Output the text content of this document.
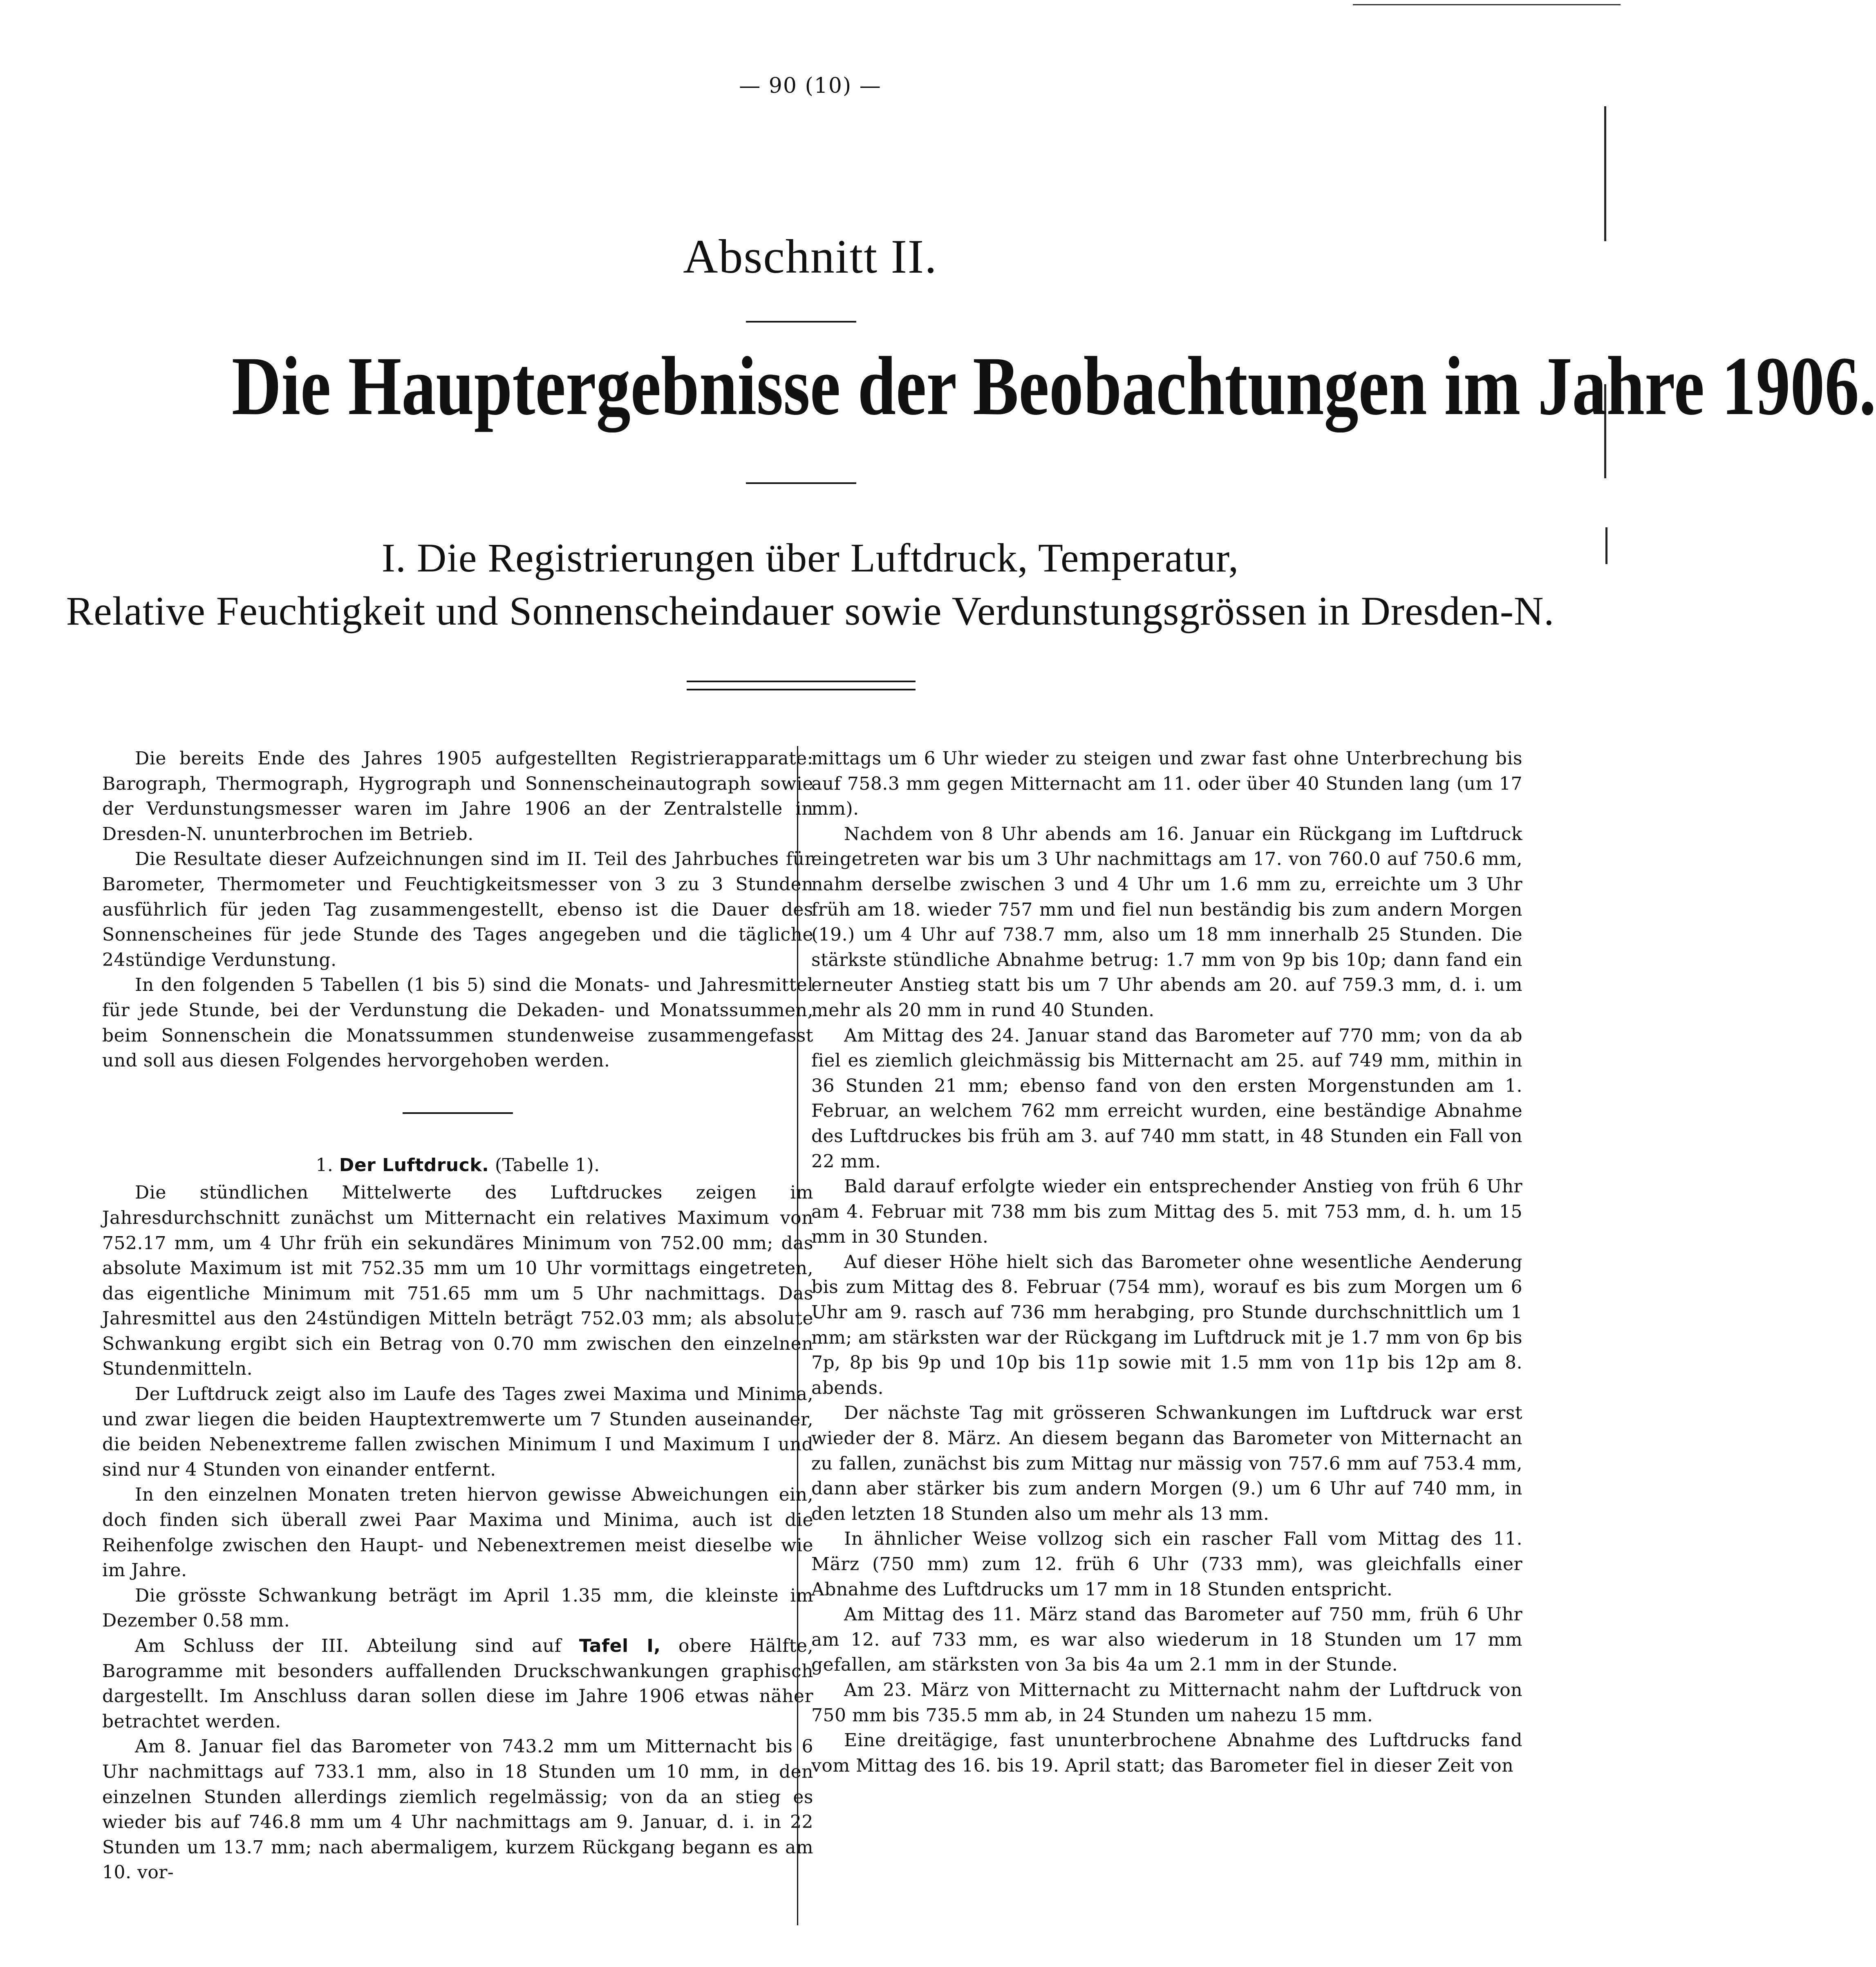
— 90 (10) —
Abschnitt II.
Die Hauptergebnisse der Beobachtungen im Jahre 1906.
I. Die Registrierungen über Luftdruck, Temperatur,
Relative Feuchtigkeit und Sonnenscheindauer sowie Verdunstungsgrössen in Dresden-N.

Die bereits Ende des Jahres 1905 aufgestellten Registrierapparate: Barograph, Thermograph, Hygrograph und Sonnenscheinautograph sowie der Verdunstungsmesser waren im Jahre 1906 an der Zentralstelle in Dresden-N. ununterbrochen im Betrieb.

Die Resultate dieser Aufzeichnungen sind im II. Teil des Jahrbuches für Barometer, Thermometer und Feuchtigkeitsmesser von 3 zu 3 Stunden ausführlich für jeden Tag zusammengestellt, ebenso ist die Dauer des Sonnenscheines für jede Stunde des Tages angegeben und die tägliche 24stündige Verdunstung.

In den folgenden 5 Tabellen (1 bis 5) sind die Monats- und Jahresmittel für jede Stunde, bei der Verdunstung die Dekaden- und Monatssummen, beim Sonnenschein die Monatssummen stundenweise zusammengefasst und soll aus diesen Folgendes hervorgehoben werden.

1. Der Luftdruck. (Tabelle 1).

Die stündlichen Mittelwerte des Luftdruckes zeigen im Jahresdurchschnitt zunächst um Mitternacht ein relatives Maximum von 752.17 mm, um 4 Uhr früh ein sekundäres Minimum von 752.00 mm; das absolute Maximum ist mit 752.35 mm um 10 Uhr vormittags eingetreten, das eigentliche Minimum mit 751.65 mm um 5 Uhr nachmittags. Das Jahresmittel aus den 24stündigen Mitteln beträgt 752.03 mm; als absolute Schwankung ergibt sich ein Betrag von 0.70 mm zwischen den einzelnen Stundenmitteln.

Der Luftdruck zeigt also im Laufe des Tages zwei Maxima und Minima, und zwar liegen die beiden Hauptextremwerte um 7 Stunden auseinander, die beiden Nebenextreme fallen zwischen Minimum I und Maximum I und sind nur 4 Stunden von einander entfernt.

In den einzelnen Monaten treten hiervon gewisse Abweichungen ein, doch finden sich überall zwei Paar Maxima und Minima, auch ist die Reihenfolge zwischen den Haupt- und Nebenextremen meist dieselbe wie im Jahre.

Die grösste Schwankung beträgt im April 1.35 mm, die kleinste im Dezember 0.58 mm.

Am Schluss der III. Abteilung sind auf Tafel I, obere Hälfte, Barogramme mit besonders auffallenden Druckschwankungen graphisch dargestellt. Im Anschluss daran sollen diese im Jahre 1906 etwas näher betrachtet werden.

Am 8. Januar fiel das Barometer von 743.2 mm um Mitternacht bis 6 Uhr nachmittags auf 733.1 mm, also in 18 Stunden um 10 mm, in den einzelnen Stunden allerdings ziemlich regelmässig; von da an stieg es wieder bis auf 746.8 mm um 4 Uhr nachmittags am 9. Januar, d. i. in 22 Stunden um 13.7 mm; nach abermaligem, kurzem Rückgang begann es am 10. vor-

mittags um 6 Uhr wieder zu steigen und zwar fast ohne Unterbrechung bis auf 758.3 mm gegen Mitternacht am 11. oder über 40 Stunden lang (um 17 mm).

Nachdem von 8 Uhr abends am 16. Januar ein Rückgang im Luftdruck eingetreten war bis um 3 Uhr nachmittags am 17. von 760.0 auf 750.6 mm, nahm derselbe zwischen 3 und 4 Uhr um 1.6 mm zu, erreichte um 3 Uhr früh am 18. wieder 757 mm und fiel nun beständig bis zum andern Morgen (19.) um 4 Uhr auf 738.7 mm, also um 18 mm innerhalb 25 Stunden. Die stärkste stündliche Abnahme betrug: 1.7 mm von 9p bis 10p; dann fand ein erneuter Anstieg statt bis um 7 Uhr abends am 20. auf 759.3 mm, d. i. um mehr als 20 mm in rund 40 Stunden.

Am Mittag des 24. Januar stand das Barometer auf 770 mm; von da ab fiel es ziemlich gleichmässig bis Mitternacht am 25. auf 749 mm, mithin in 36 Stunden 21 mm; ebenso fand von den ersten Morgenstunden am 1. Februar, an welchem 762 mm erreicht wurden, eine beständige Abnahme des Luftdruckes bis früh am 3. auf 740 mm statt, in 48 Stunden ein Fall von 22 mm.

Bald darauf erfolgte wieder ein entsprechender Anstieg von früh 6 Uhr am 4. Februar mit 738 mm bis zum Mittag des 5. mit 753 mm, d. h. um 15 mm in 30 Stunden.

Auf dieser Höhe hielt sich das Barometer ohne wesentliche Aenderung bis zum Mittag des 8. Februar (754 mm), worauf es bis zum Morgen um 6 Uhr am 9. rasch auf 736 mm herabging, pro Stunde durchschnittlich um 1 mm; am stärksten war der Rückgang im Luftdruck mit je 1.7 mm von 6p bis 7p, 8p bis 9p und 10p bis 11p sowie mit 1.5 mm von 11p bis 12p am 8. abends.

Der nächste Tag mit grösseren Schwankungen im Luftdruck war erst wieder der 8. März. An diesem begann das Barometer von Mitternacht an zu fallen, zunächst bis zum Mittag nur mässig von 757.6 mm auf 753.4 mm, dann aber stärker bis zum andern Morgen (9.) um 6 Uhr auf 740 mm, in den letzten 18 Stunden also um mehr als 13 mm.

In ähnlicher Weise vollzog sich ein rascher Fall vom Mittag des 11. März (750 mm) zum 12. früh 6 Uhr (733 mm), was gleichfalls einer Abnahme des Luftdrucks um 17 mm in 18 Stunden entspricht.

Am Mittag des 11. März stand das Barometer auf 750 mm, früh 6 Uhr am 12. auf 733 mm, es war also wiederum in 18 Stunden um 17 mm gefallen, am stärksten von 3a bis 4a um 2.1 mm in der Stunde.

Am 23. März von Mitternacht zu Mitternacht nahm der Luftdruck von 750 mm bis 735.5 mm ab, in 24 Stunden um nahezu 15 mm.

Eine dreitägige, fast ununterbrochene Abnahme des Luftdrucks fand vom Mittag des 16. bis 19. April statt; das Barometer fiel in dieser Zeit von
